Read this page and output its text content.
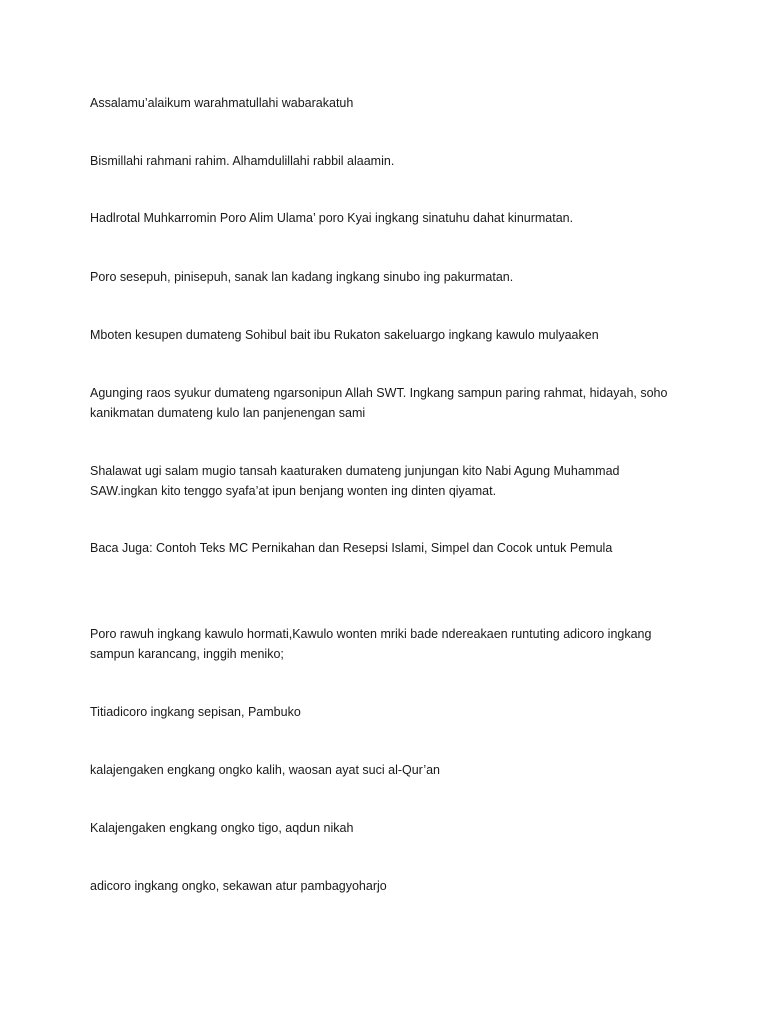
Assalamu’alaikum warahmatullahi wabarakatuh

Bismillahi rahmani rahim. Alhamdulillahi rabbil alaamin.

Hadlrotal Muhkarromin Poro Alim Ulama’ poro Kyai ingkang sinatuhu dahat kinurmatan.

Poro sesepuh, pinisepuh, sanak lan kadang ingkang sinubo ing pakurmatan.

Mboten kesupen dumateng Sohibul bait ibu Rukaton sakeluargo ingkang kawulo mulyaaken

Agunging raos syukur dumateng ngarsonipun Allah SWT. Ingkang sampun paring rahmat, hidayah, soho
kanikmatan dumateng kulo lan panjenengan sami

Shalawat ugi salam mugio tansah kaaturaken dumateng junjungan kito Nabi Agung Muhammad
SAW.ingkan kito tenggo syafa’at ipun benjang wonten ing dinten qiyamat.

Baca Juga: Contoh Teks MC Pernikahan dan Resepsi Islami, Simpel dan Cocok untuk Pemula

Poro rawuh ingkang kawulo hormati,Kawulo wonten mriki bade ndereakaen runtuting adicoro ingkang
sampun karancang, inggih meniko;

Titiadicoro ingkang sepisan, Pambuko

kalajengaken engkang ongko kalih, waosan ayat suci al-Qur’an

Kalajengaken engkang ongko tigo, aqdun nikah

adicoro ingkang ongko, sekawan atur pambagyoharjo
